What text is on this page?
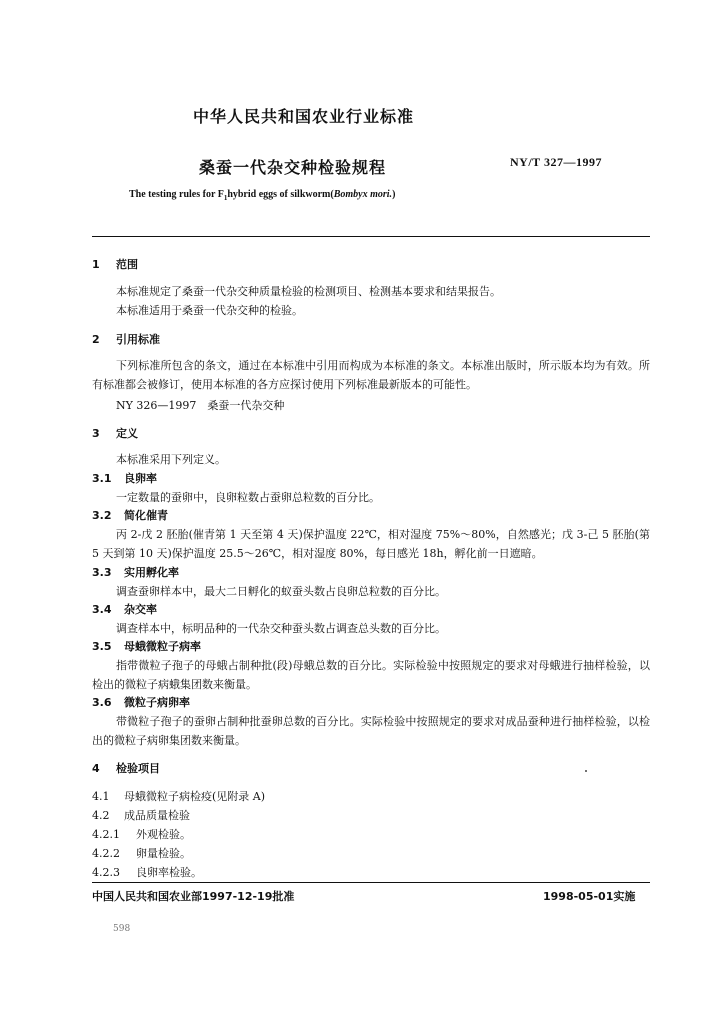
中华人民共和国农业行业标准
桑蚕一代杂交种检验规程	NY/T 327—1997
The testing rules for $F_1hybrid$ eggs of silkworm(Bombyx mori.)
1 范围
本标准规定了桑蚕一代杂交种质量检验的检测项目、检测基本要求和结果报告。
本标准适用于桑蚕一代杂交种的检验。
2 引用标准
下列标准所包含的条文，通过在本标准中引用而构成为本标准的条文。本标准出版时，所示版本均为有效。所有标准都会被修订，使用本标准的各方应探讨使用下列标准最新版本的可能性。
NY 326—1997　桑蚕一代杂交种
3 定义
本标准采用下列定义。
3.1 良卵率
一定数量的蚕卵中，良卵粒数占蚕卵总粒数的百分比。
3.2 简化催青
丙 2-戊 2 胚胎(催青第 1 天至第 4 天)保护温度 22℃，相对湿度 75%～80%，自然感光；戊 3-己 5 胚胎(第 5 天到第 10 天)保护温度 25.5～26℃，相对湿度 80%，每日感光 18h，孵化前一日遮暗。
3.3 实用孵化率
调查蚕卵样本中，最大二日孵化的蚁蚕头数占良卵总粒数的百分比。
3.4 杂交率
调查样本中，标明品种的一代杂交种蚕头数占调查总头数的百分比。
3.5 母蛾微粒子病率
指带微粒子孢子的母蛾占制种批(段)母蛾总数的百分比。实际检验中按照规定的要求对母蛾进行抽样检验，以检出的微粒子病蛾集团数来衡量。
3.6 微粒子病卵率
带微粒子孢子的蚕卵占制种批蚕卵总数的百分比。实际检验中按照规定的要求对成品蚕种进行抽样检验，以检出的微粒子病卵集团数来衡量。
4 检验项目
4.1 母蛾微粒子病检疫(见附录 A)
4.2 成品质量检验
4.2.1 外观检验。
4.2.2 卵量检验。
4.2.3 良卵率检验。
中国人民共和国农业部1997-12-19批准	1998-05-01实施
598
